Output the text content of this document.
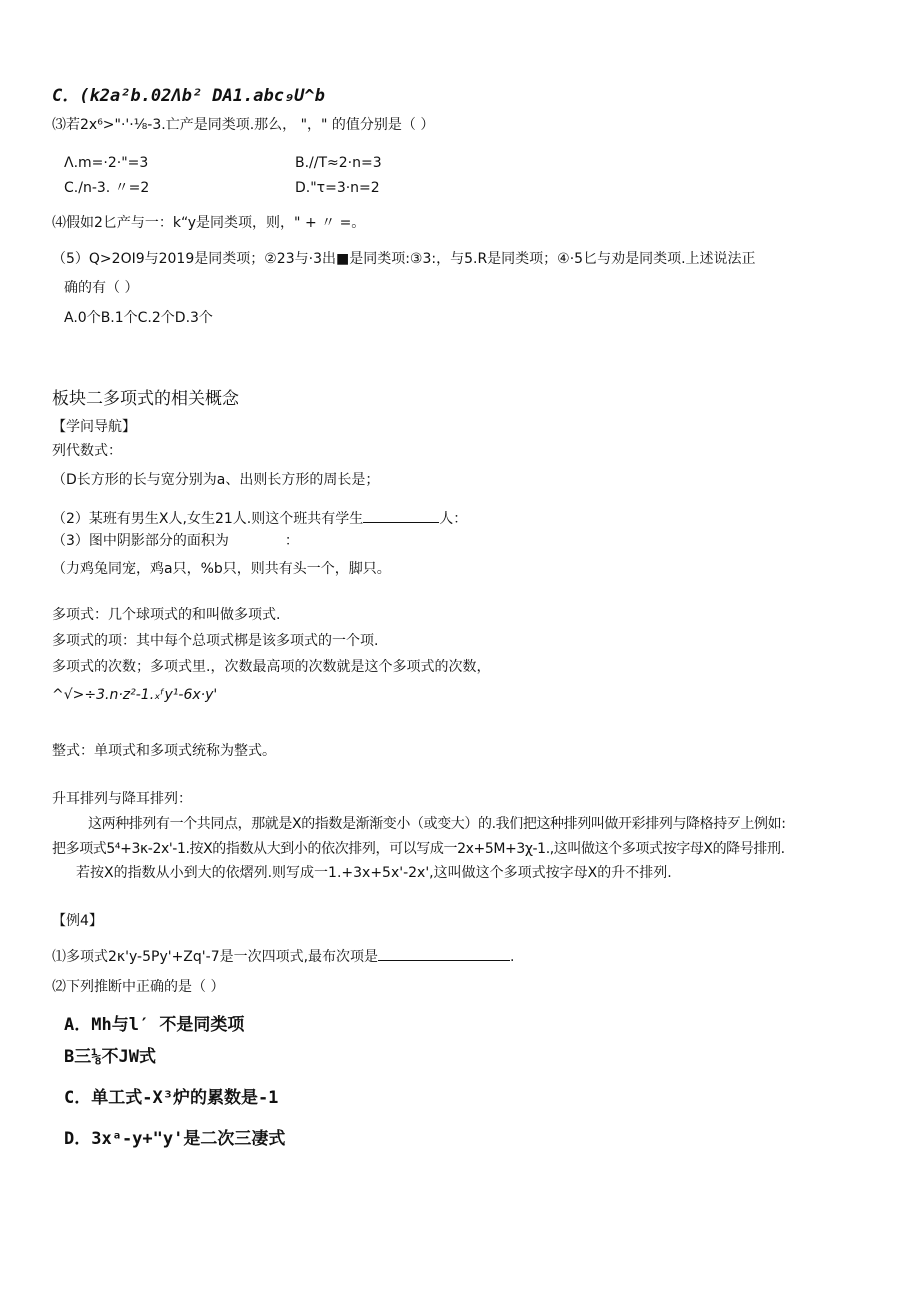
C．(k2a²b.02Λb² DA1.abc₉U^b
⑶若2x⁶>"·'·⅛-3.亡产是同类项.那么， "，" 的值分别是（ ）
Λ.m=·2·"=3	B.//T≈2·n=3
C./n-3. 〃=2	D."τ=3·n=2
⑷假如2匕产与一：k“y是同类项，则，" + 〃 =。
（5）Q>2OI9与2019是同类项；②23与·3出■是同类项:③3:，与5.R是同类项；④·5匕与劝是同类项.上述说法正
确的有（ ）
A.0个B.1个C.2个D.3个
板块二多项式的相关概念
【学问导航】
列代数式：
（D长方形的长与宽分别为a、出则长方形的周长是；
（2）某班有男生X人,女生21人.则这个班共有学生	人：
（3）图中阴影部分的面积为	：
（力鸡兔同宠，鸡a只，%b只，则共有头一个，脚只。
多项式：几个球项式的和叫做多项式.
多项式的项：其中每个总项式梆是该多项式的一个项.
多项式的次数；多项式里.，次数最高项的次数就是这个多项式的次数，
^√>÷3.n·z²-1.ₓᶠy¹-6x·y'
整式：单项式和多项式统称为整式。
升耳排列与降耳排列：
这两种排列有一个共同点，那就是X的指数是渐渐变小（或变大）的.我们把这种排列叫做开彩排列与降格持歹上例如:
把多项式5⁴+3κ-2x'-1.按X的指数从大到小的依次排列，可以写成一2x+5M+3χ-1.,这叫做这个多项式按字母X的降号排刑.
若按X的指数从小到大的依熠列.则写成一1.+3x+5x'-2x',这叫做这个多项式按字母X的升不排列.
【例4】
⑴多项式2κ'y-5Py'+Zq'-7是一次四项式,最布次项是	.
⑵下列推断中正确的是（ ）
A．Mh与l′ 不是同类项
B三⅛不JW式
C．单工式-X³炉的累数是-1
D．3xᵃ-y+"y'是二次三凄式
